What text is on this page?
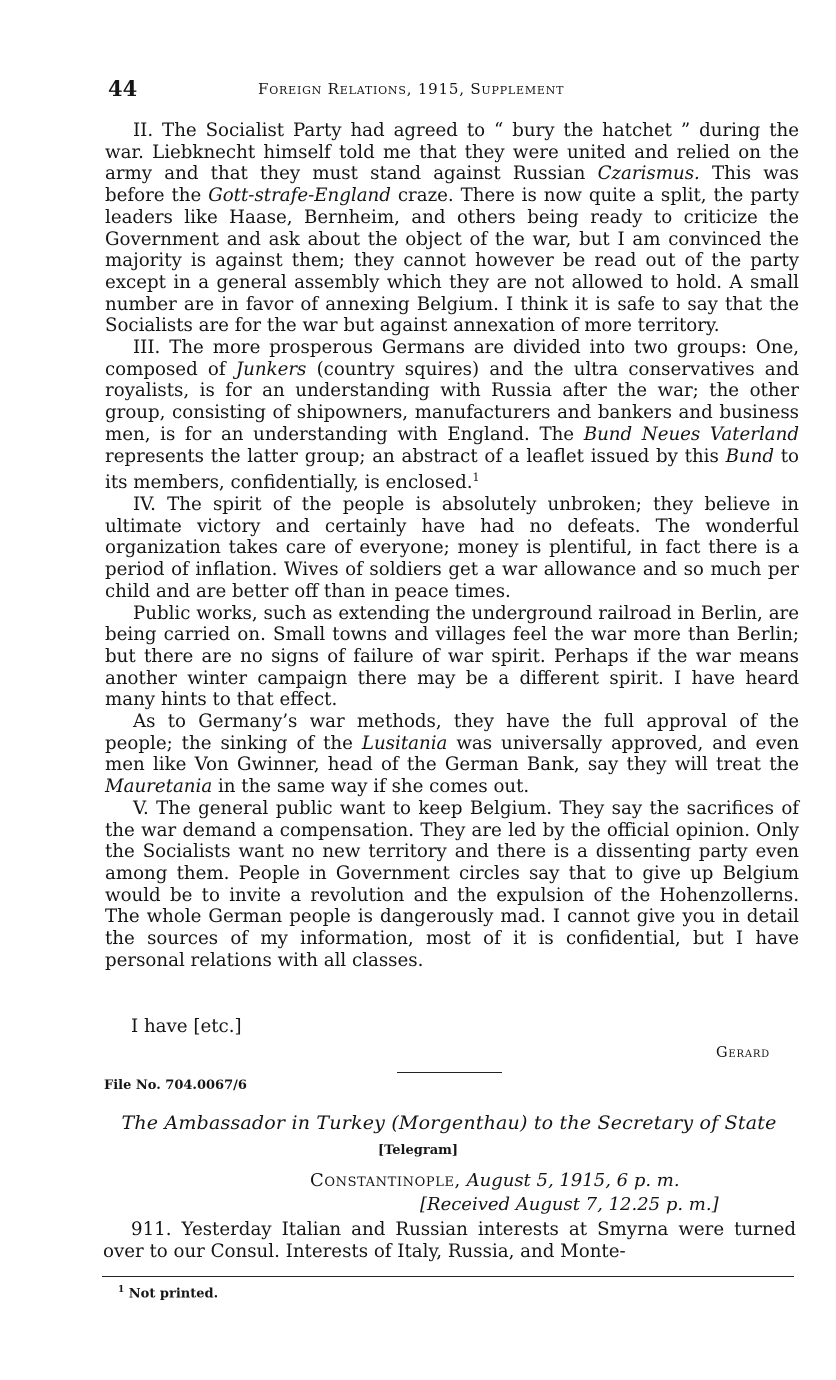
44	Foreign Relations, 1915, Supplement

II. The Socialist Party had agreed to “ bury the hatchet ” during the war. Liebknecht himself told me that they were united and relied on the army and that they must stand against Russian Czarismus. This was before the Gott-strafe-England craze. There is now quite a split, the party leaders like Haase, Bernheim, and others being ready to criticize the Government and ask about the object of the war, but I am convinced the majority is against them; they cannot however be read out of the party except in a general assembly which they are not allowed to hold. A small number are in favor of annexing Belgium. I think it is safe to say that the Socialists are for the war but against annexation of more territory.

III. The more prosperous Germans are divided into two groups: One, composed of Junkers (country squires) and the ultra conservatives and royalists, is for an understanding with Russia after the war; the other group, consisting of shipowners, manufacturers and bankers and business men, is for an understanding with England. The Bund Neues Vaterland represents the latter group; an abstract of a leaflet issued by this Bund to its members, confidentially, is enclosed.$^1$

IV. The spirit of the people is absolutely unbroken; they believe in ultimate victory and certainly have had no defeats. The wonderful organization takes care of everyone; money is plentiful, in fact there is a period of inflation. Wives of soldiers get a war allowance and so much per child and are better off than in peace times.

Public works, such as extending the underground railroad in Berlin, are being carried on. Small towns and villages feel the war more than Berlin; but there are no signs of failure of war spirit. Perhaps if the war means another winter campaign there may be a different spirit. I have heard many hints to that effect.

As to Germany’s war methods, they have the full approval of the people; the sinking of the Lusitania was universally approved, and even men like Von Gwinner, head of the German Bank, say they will treat the Mauretania in the same way if she comes out.

V. The general public want to keep Belgium. They say the sacrifices of the war demand a compensation. They are led by the official opinion. Only the Socialists want no new territory and there is a dissenting party even among them. People in Government circles say that to give up Belgium would be to invite a revolution and the expulsion of the Hohenzollerns. The whole German people is dangerously mad. I cannot give you in detail the sources of my information, most of it is confidential, but I have personal relations with all classes.

I have [etc.]
Gerard
File No. 704.0067/6
The Ambassador in Turkey (Morgenthau) to the Secretary of State
[Telegram]
Constantinople, August 5, 1915, 6 p. m.
[Received August 7, 12.25 p. m.]

911. Yesterday Italian and Russian interests at Smyrna were turned over to our Consul. Interests of Italy, Russia, and Monte-

$^1$ Not printed.
